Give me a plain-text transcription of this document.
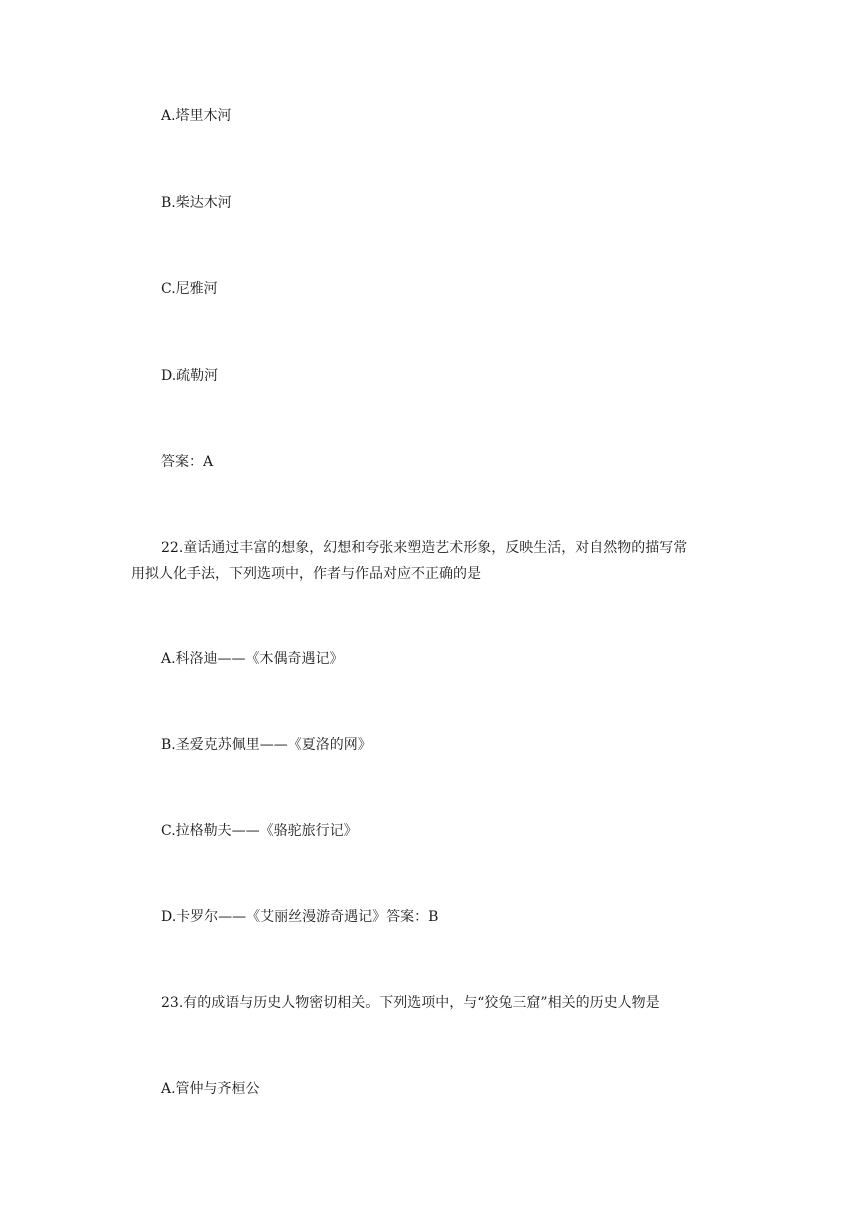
A.塔里木河
B.柴达木河
C.尼雅河
D.疏勒河
答案：A
22.童话通过丰富的想象，幻想和夸张来塑造艺术形象，反映生活，对自然物的描写常
用拟人化手法，下列选项中，作者与作品对应不正确的是
A.科洛迪——《木偶奇遇记》
B.圣爱克苏佩里——《夏洛的网》
C.拉格勒夫——《骆驼旅行记》
D.卡罗尔——《艾丽丝漫游奇遇记》答案：B
23.有的成语与历史人物密切相关。下列选项中，与“狡兔三窟”相关的历史人物是
A.管仲与齐桓公
